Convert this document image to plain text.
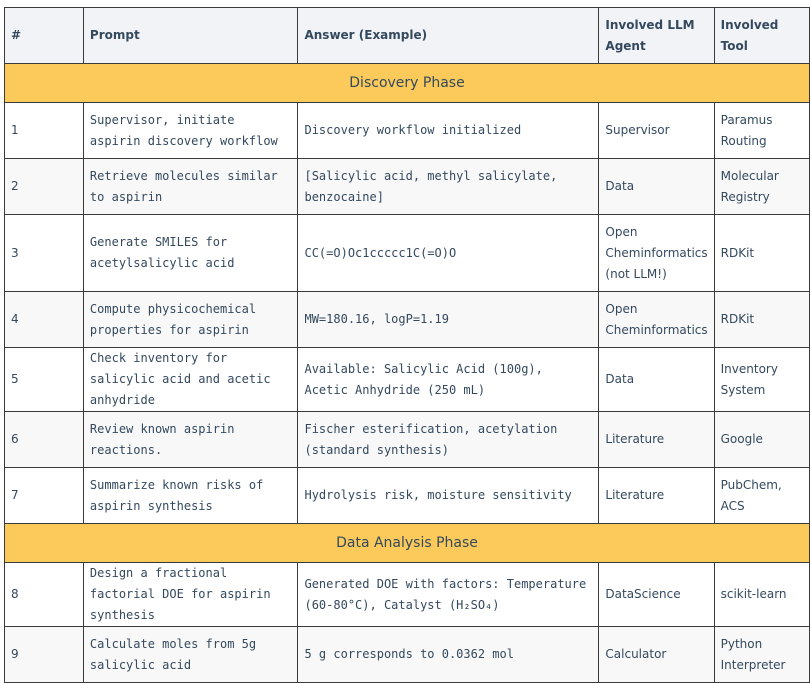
#	Prompt	Answer (Example)	Involved LLM Agent	Involved Tool
Discovery Phase				
1	Supervisor, initiate aspirin discovery workflow	Discovery workflow initialized	Supervisor	Paramus Routing
2	Retrieve molecules similar to aspirin	[Salicylic acid, methyl salicylate, benzocaine]	Data	Molecular Registry
3	Generate SMILES for acetylsalicylic acid	CC(=O)Oc1ccccc1C(=O)O	Open Cheminformatics (not LLM!)	RDKit
4	Compute physicochemical properties for aspirin	MW=180.16, logP=1.19	Open Cheminformatics	RDKit
5	Check inventory for salicylic acid and acetic anhydride	Available: Salicylic Acid (100g), Acetic Anhydride (250 mL)	Data	Inventory System
6	Review known aspirin reactions.	Fischer esterification, acetylation (standard synthesis)	Literature	Google
7	Summarize known risks of aspirin synthesis	Hydrolysis risk, moisture sensitivity	Literature	PubChem, ACS
Data Analysis Phase				
8	Design a fractional factorial DOE for aspirin synthesis	Generated DOE with factors: Temperature (60-80°C), Catalyst (H₂SO₄)	DataScience	scikit-learn
9	Calculate moles from 5g salicylic acid	5 g corresponds to 0.0362 mol	Calculator	Python Interpreter
